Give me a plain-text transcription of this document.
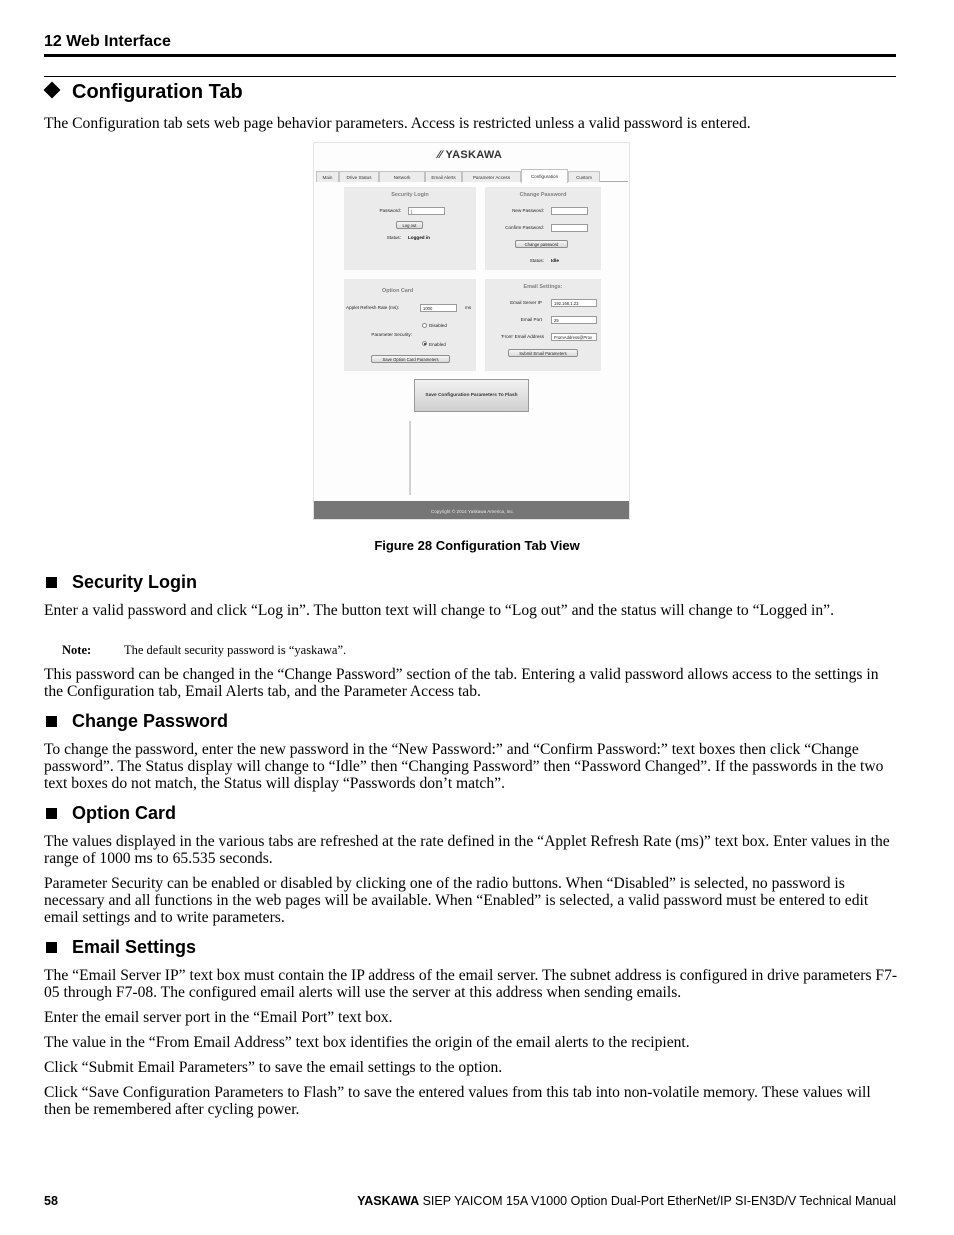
12 Web Interface
Configuration Tab
The Configuration tab sets web page behavior parameters. Access is restricted unless a valid password is entered.
∕∕ YASKAWA
Main	Drive Status	Network	Email Alerts	Parameter Access	Configuration	Custom
Security Login
Password:	|
Log out
Status: Logged in
Change Password
New Password:
Confirm Password:
Change password
Status: Idle
Option Card
Applet Refresh Rate (ms):	1000	ms
Parameter Security:
Disabled
Enabled
Save Option Card Parameters
Email Settings:
Email Server IP	192.168.1.23
Email Port	25
'From' Email Address	FromAddress@Prov
Submit Email Parameters
Save Configuration Parameters To Flash
Copyright © 2014 Yaskawa America, Inc.
Figure 28 Configuration Tab View
Security Login
Enter a valid password and click “Log in”. The button text will change to “Log out” and the status will change to “Logged in”.
Note:	The default security password is “yaskawa”.
This password can be changed in the “Change Password” section of the tab. Entering a valid password allows access to the settings in the Configuration tab, Email Alerts tab, and the Parameter Access tab.
Change Password
To change the password, enter the new password in the “New Password:” and “Confirm Password:” text boxes then click “Change password”. The Status display will change to “Idle” then “Changing Password” then “Password Changed”. If the passwords in the two text boxes do not match, the Status will display “Passwords don’t match”.
Option Card
The values displayed in the various tabs are refreshed at the rate defined in the “Applet Refresh Rate (ms)” text box. Enter values in the range of 1000 ms to 65.535 seconds.
Parameter Security can be enabled or disabled by clicking one of the radio buttons. When “Disabled” is selected, no password is necessary and all functions in the web pages will be available. When “Enabled” is selected, a valid password must be entered to edit email settings and to write parameters.
Email Settings
The “Email Server IP” text box must contain the IP address of the email server. The subnet address is configured in drive parameters F7-05 through F7-08. The configured email alerts will use the server at this address when sending emails.
Enter the email server port in the “Email Port” text box.
The value in the “From Email Address” text box identifies the origin of the email alerts to the recipient.
Click “Submit Email Parameters” to save the email settings to the option.
Click “Save Configuration Parameters to Flash” to save the entered values from this tab into non-volatile memory. These values will then be remembered after cycling power.
58	YASKAWA SIEP YAICOM 15A V1000 Option Dual-Port EtherNet/IP SI-EN3D/V Technical Manual
